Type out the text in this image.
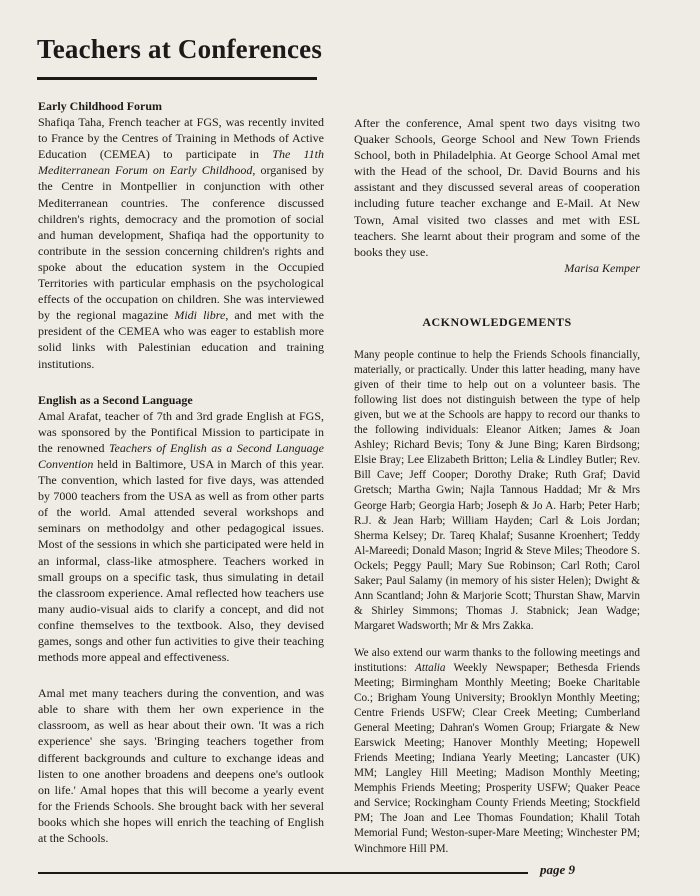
Teachers at Conferences
Early Childhood Forum

Shafiqa Taha, French teacher at FGS, was recently invited to France by the Centres of Training in Methods of Active Education (CEMEA) to participate in The 11th Mediterranean Forum on Early Childhood, organised by the Centre in Montpellier in conjunction with other Mediterranean countries. The conference discussed children's rights, democracy and the promotion of social and human development, Shafiqa had the opportunity to contribute in the session concerning children's rights and spoke about the education system in the Occupied Territories with particular emphasis on the psychological effects of the occupation on children. She was interviewed by the regional magazine Midi libre, and met with the president of the CEMEA who was eager to establish more solid links with Palestinian education and training institutions.

English as a Second Language

Amal Arafat, teacher of 7th and 3rd grade English at FGS, was sponsored by the Pontifical Mission to participate in the renowned Teachers of English as a Second Language Convention held in Baltimore, USA in March of this year. The convention, which lasted for five days, was attended by 7000 teachers from the USA as well as from other parts of the world. Amal attended several workshops and seminars on methodolgy and other pedagogical issues. Most of the sessions in which she participated were held in an informal, class-like atmosphere. Teachers worked in small groups on a specific task, thus simulating in detail the classroom experience. Amal reflected how teachers use many audio-visual aids to clarify a concept, and did not confine themselves to the textbook. Also, they devised games, songs and other fun activities to give their teaching methods more appeal and effectiveness.

Amal met many teachers during the convention, and was able to share with them her own experience in the classroom, as well as hear about their own. 'It was a rich experience' she says. 'Bringing teachers together from different backgrounds and culture to exchange ideas and listen to one another broadens and deepens one's outlook on life.' Amal hopes that this will become a yearly event for the Friends Schools. She brought back with her several books which she hopes will enrich the teaching of English at the Schools.

After the conference, Amal spent two days visitng two Quaker Schools, George School and New Town Friends School, both in Philadelphia. At George School Amal met with the Head of the school, Dr. David Bourns and his assistant and they discussed several areas of cooperation including future teacher exchange and E-Mail. At New Town, Amal visited two classes and met with ESL teachers. She learnt about their program and some of the books they use.

Marisa Kemper

ACKNOWLEDGEMENTS

Many people continue to help the Friends Schools financially, materially, or practically. Under this latter heading, many have given of their time to help out on a volunteer basis. The following list does not distinguish between the type of help given, but we at the Schools are happy to record our thanks to the following individuals: Eleanor Aitken; James & Joan Ashley; Richard Bevis; Tony & June Bing; Karen Birdsong; Elsie Bray; Lee Elizabeth Britton; Lelia & Lindley Butler; Rev. Bill Cave; Jeff Cooper; Dorothy Drake; Ruth Graf; David Gretsch; Martha Gwin; Najla Tannous Haddad; Mr & Mrs George Harb; Georgia Harb; Joseph & Jo A. Harb; Peter Harb; R.J. & Jean Harb; William Hayden; Carl & Lois Jordan; Sherma Kelsey; Dr. Tareq Khalaf; Susanne Kroenhert; Teddy Al-Mareedi; Donald Mason; Ingrid & Steve Miles; Theodore S. Ockels; Peggy Paull; Mary Sue Robinson; Carl Roth; Carol Saker; Paul Salamy (in memory of his sister Helen); Dwight & Ann Scantland; John & Marjorie Scott; Thurstan Shaw, Marvin & Shirley Simmons; Thomas J. Stabnick; Jean Wadge; Margaret Wadsworth; Mr & Mrs Zakka.

We also extend our warm thanks to the following meetings and institutions: Attalia Weekly Newspaper; Bethesda Friends Meeting; Birmingham Monthly Meeting; Boeke Charitable Co.; Brigham Young University; Brooklyn Monthly Meeting; Centre Friends USFW; Clear Creek Meeting; Cumberland General Meeting; Dahran's Women Group; Friargate & New Earswick Meeting; Hanover Monthly Meeting; Hopewell Friends Meeting; Indiana Yearly Meeting; Lancaster (UK) MM; Langley Hill Meeting; Madison Monthly Meeting; Memphis Friends Meeting; Prosperity USFW; Quaker Peace and Service; Rockingham County Friends Meeting; Stockfield PM; The Joan and Lee Thomas Foundation; Khalil Totah Memorial Fund; Weston-super-Mare Meeting; Winchester PM; Winchmore Hill PM.

page 9
